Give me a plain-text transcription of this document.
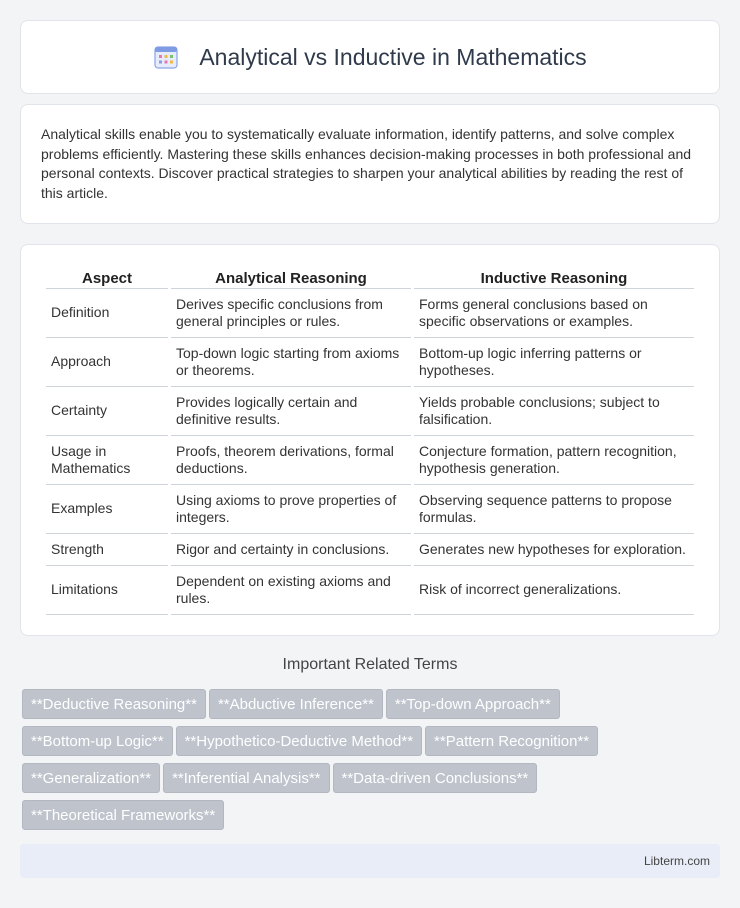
Analytical vs Inductive in Mathematics

Analytical skills enable you to systematically evaluate information, identify patterns, and solve complex problems efficiently. Mastering these skills enhances decision-making processes in both professional and personal contexts. Discover practical strategies to sharpen your analytical abilities by reading the rest of this article.

Aspect	Analytical Reasoning	Inductive Reasoning
Definition	Derives specific conclusions from general principles or rules.	Forms general conclusions based on specific observations or examples.
Approach	Top-down logic starting from axioms or theorems.	Bottom-up logic inferring patterns or hypotheses.
Certainty	Provides logically certain and definitive results.	Yields probable conclusions; subject to falsification.
Usage in Mathematics	Proofs, theorem derivations, formal deductions.	Conjecture formation, pattern recognition, hypothesis generation.
Examples	Using axioms to prove properties of integers.	Observing sequence patterns to propose formulas.
Strength	Rigor and certainty in conclusions.	Generates new hypotheses for exploration.
Limitations	Dependent on existing axioms and rules.	Risk of incorrect generalizations.
Important Related Terms
**Deductive Reasoning** **Abductive Inference** **Top-down Approach**
**Bottom-up Logic** **Hypothetico-Deductive Method** **Pattern Recognition**
**Generalization** **Inferential Analysis** **Data-driven Conclusions**
**Theoretical Frameworks**
Libterm.com
